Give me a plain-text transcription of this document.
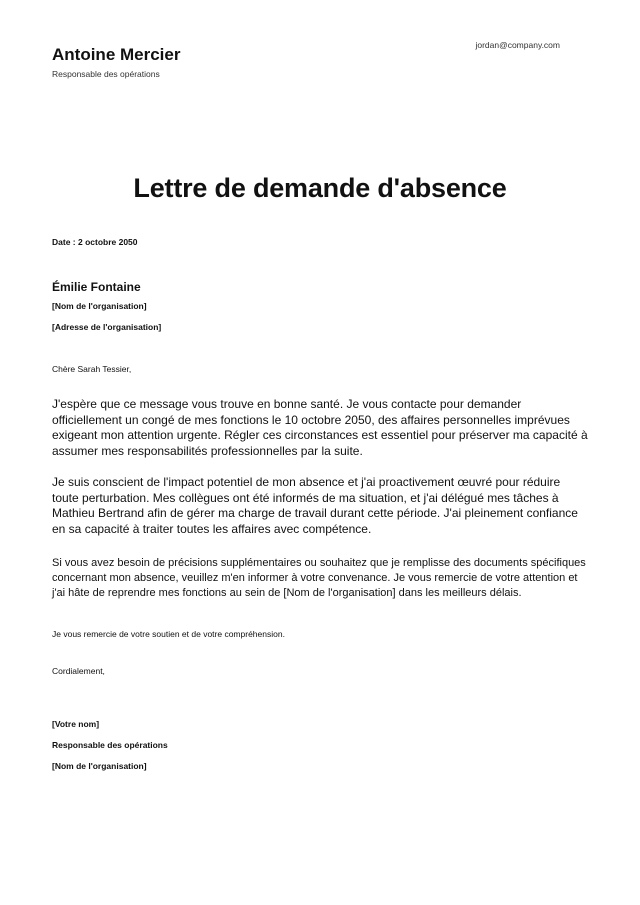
Antoine Mercier
Responsable des opérations
jordan@company.com
Lettre de demande d'absence
Date : 2 octobre 2050
Émilie Fontaine
[Nom de l'organisation]
[Adresse de l'organisation]
Chère Sarah Tessier,
J'espère que ce message vous trouve en bonne santé. Je vous contacte pour demander officiellement un congé de mes fonctions le 10 octobre 2050, des affaires personnelles imprévues exigeant mon attention urgente. Régler ces circonstances est essentiel pour préserver ma capacité à assumer mes responsabilités professionnelles par la suite.
Je suis conscient de l'impact potentiel de mon absence et j'ai proactivement œuvré pour réduire toute perturbation. Mes collègues ont été informés de ma situation, et j'ai délégué mes tâches à Mathieu Bertrand afin de gérer ma charge de travail durant cette période. J'ai pleinement confiance en sa capacité à traiter toutes les affaires avec compétence.
Si vous avez besoin de précisions supplémentaires ou souhaitez que je remplisse des documents spécifiques concernant mon absence, veuillez m'en informer à votre convenance. Je vous remercie de votre attention et j'ai hâte de reprendre mes fonctions au sein de [Nom de l'organisation] dans les meilleurs délais.
Je vous remercie de votre soutien et de votre compréhension.
Cordialement,
[Votre nom]
Responsable des opérations
[Nom de l'organisation]
